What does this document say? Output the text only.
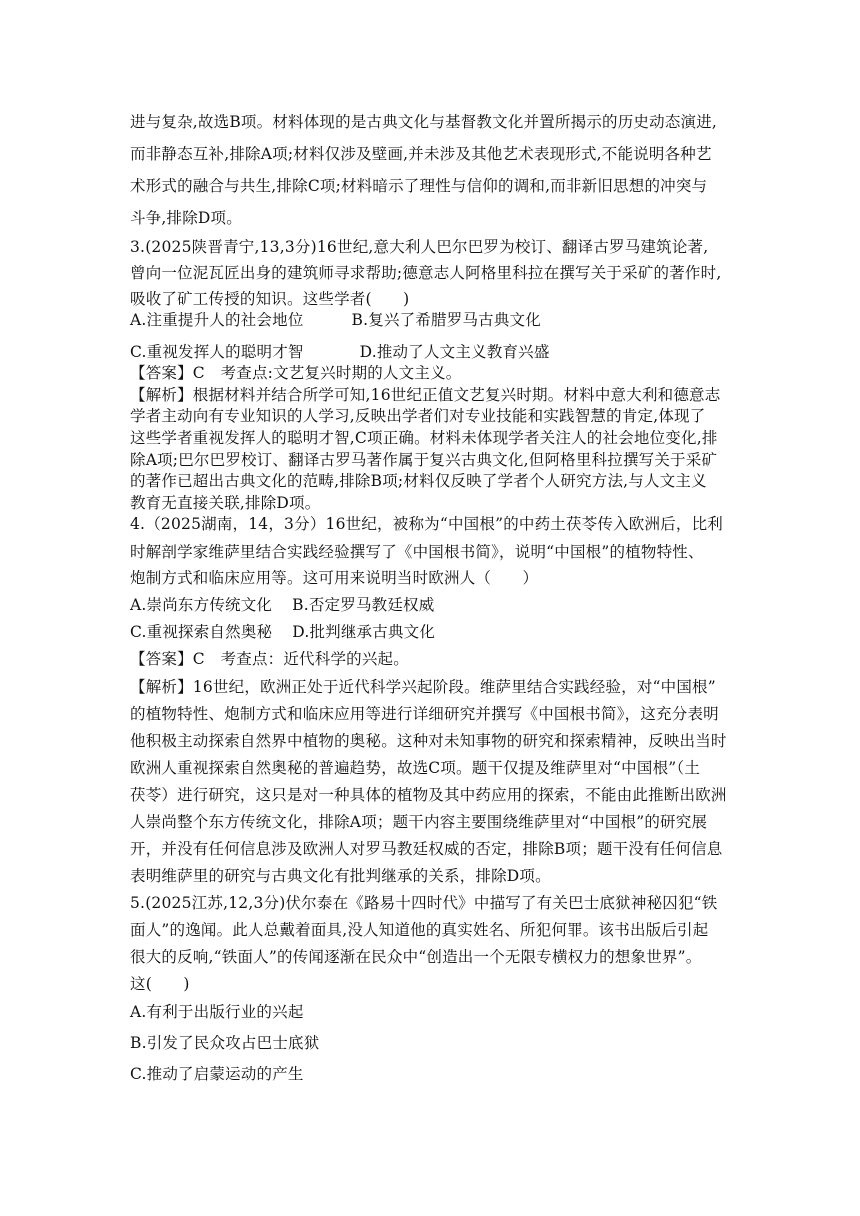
进与复杂,故选B项。材料体现的是古典文化与基督教文化并置所揭示的历史动态演进,
而非静态互补,排除A项;材料仅涉及壁画,并未涉及其他艺术表现形式,不能说明各种艺
术形式的融合与共生,排除C项;材料暗示了理性与信仰的调和,而非新旧思想的冲突与
斗争,排除D项。
3.(2025陕晋青宁,13,3分)16世纪,意大利人巴尔巴罗为校订、翻译古罗马建筑论著,
曾向一位泥瓦匠出身的建筑师寻求帮助;德意志人阿格里科拉在撰写关于采矿的著作时,
吸收了矿工传授的知识。这些学者(　　)
A.注重提升人的社会地位	B.复兴了希腊罗马古典文化
C.重视发挥人的聪明才智	D.推动了人文主义教育兴盛
【答案】C　考查点:文艺复兴时期的人文主义。
【解析】根据材料并结合所学可知,16世纪正值文艺复兴时期。材料中意大利和德意志
学者主动向有专业知识的人学习,反映出学者们对专业技能和实践智慧的肯定,体现了
这些学者重视发挥人的聪明才智,C项正确。材料未体现学者关注人的社会地位变化,排
除A项;巴尔巴罗校订、翻译古罗马著作属于复兴古典文化,但阿格里科拉撰写关于采矿
的著作已超出古典文化的范畴,排除B项;材料仅反映了学者个人研究方法,与人文主义
教育无直接关联,排除D项。
4.（2025湖南，14，3分）16世纪，被称为“中国根”的中药土茯苓传入欧洲后，比利
时解剖学家维萨里结合实践经验撰写了《中国根书简》，说明“中国根”的植物特性、
炮制方式和临床应用等。这可用来说明当时欧洲人（　　）
A.崇尚东方传统文化 B.否定罗马教廷权威
C.重视探索自然奥秘 D.批判继承古典文化
【答案】C　考查点：近代科学的兴起。
【解析】16世纪，欧洲正处于近代科学兴起阶段。维萨里结合实践经验，对“中国根”
的植物特性、炮制方式和临床应用等进行详细研究并撰写《中国根书简》，这充分表明
他积极主动探索自然界中植物的奥秘。这种对未知事物的研究和探索精神，反映出当时
欧洲人重视探索自然奥秘的普遍趋势，故选C项。题干仅提及维萨里对“中国根”（土
茯苓）进行研究，这只是对一种具体的植物及其中药应用的探索，不能由此推断出欧洲
人崇尚整个东方传统文化，排除A项；题干内容主要围绕维萨里对“中国根”的研究展
开，并没有任何信息涉及欧洲人对罗马教廷权威的否定，排除B项；题干没有任何信息
表明维萨里的研究与古典文化有批判继承的关系，排除D项。
5.(2025江苏,12,3分)伏尔泰在《路易十四时代》中描写了有关巴士底狱神秘囚犯“铁
面人”的逸闻。此人总戴着面具,没人知道他的真实姓名、所犯何罪。该书出版后引起
很大的反响,“铁面人”的传闻逐渐在民众中“创造出一个无限专横权力的想象世界”。
这(　　)
A.有利于出版行业的兴起
B.引发了民众攻占巴士底狱
C.推动了启蒙运动的产生
